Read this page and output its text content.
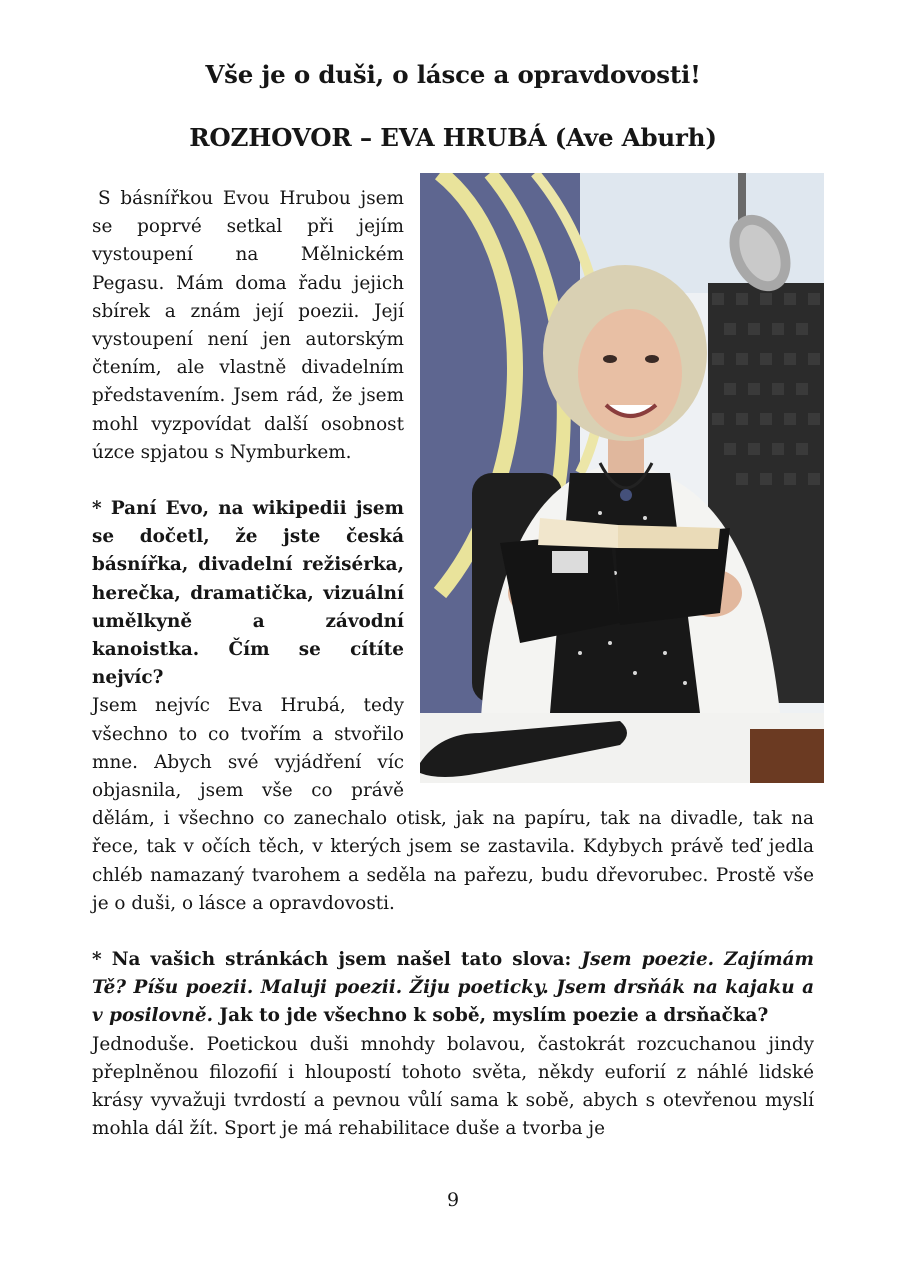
Vše je o duši, o lásce a opravdovosti!
ROZHOVOR – EVA HRUBÁ (Ave Aburh)

S básnířkou Evou Hrubou jsem se poprvé setkal při jejím vystoupení na Mělnickém Pegasu. Mám doma řadu jejich sbírek a znám její poezii. Její vystoupení není jen autorským čtením, ale vlastně divadelním představením. Jsem rád, že jsem mohl vyzpovídat další osobnost úzce spjatou s Nymburkem.

* Paní Evo, na wikipedii jsem se dočetl, že jste česká básnířka, divadelní režisérka, herečka, dramatička, vizuální umělkyně a závodní kanoistka. Čím se cítíte nejvíc?

Jsem nejvíc Eva Hrubá, tedy všechno to co tvořím a stvořilo mne. Abych své vyjádření víc objasnila, jsem vše co právě dělám, i všechno co zanechalo otisk, jak na papíru, tak na divadle, tak na řece, tak v očích těch, v kterých jsem se zastavila. Kdybych právě teď jedla chléb namazaný tvarohem a seděla na pařezu, budu dřevorubec. Prostě vše je o duši, o lásce a opravdovosti.

* Na vašich stránkách jsem našel tato slova: Jsem poezie. Zajímám Tě? Píšu poezii. Maluji poezii. Žiju poeticky. Jsem drsňák na kajaku a v posilovně. Jak to jde všechno k sobě, myslím poezie a drsňačka?

Jednoduše. Poetickou duši mnohdy bolavou, častokrát rozcuchanou jindy přeplněnou filozofií i hloupostí tohoto světa, někdy euforií z náhlé lidské krásy vyvažuji tvrdostí a pevnou vůlí sama k sobě, abych s otevřenou myslí mohla dál žít. Sport je má rehabilitace duše a tvorba je

9
